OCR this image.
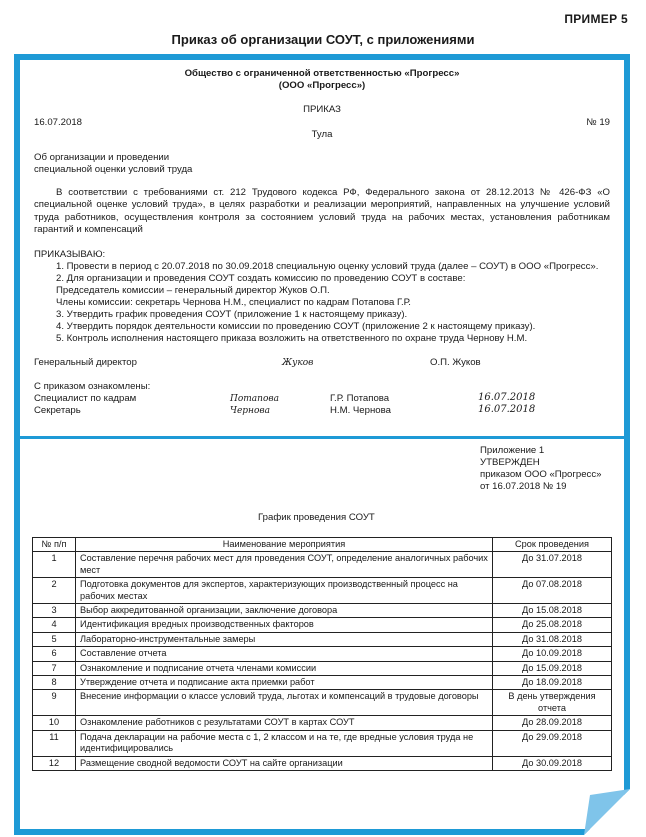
ПРИМЕР 5
Приказ об организации СОУТ, с приложениями
Общество с ограниченной ответственностью «Прогресс»
(ООО «Прогресс»)
ПРИКАЗ
16.07.2018	№ 19
Тула
Об организации и проведении
специальной оценки условий труда
В соответствии с требованиями ст. 212 Трудового кодекса РФ, Федерального закона от 28.12.2013 № 426-ФЗ «О специальной оценке условий труда», в целях разработки и реализации мероприятий, направленных на улучшение условий труда работников, осуществления контроля за состоянием условий труда на рабочих местах, установления работникам гарантий и компенсаций
ПРИКАЗЫВАЮ:
1. Провести в период с 20.07.2018 по 30.09.2018 специальную оценку условий труда (далее – СОУТ) в ООО «Прогресс».
2. Для организации и проведения СОУТ создать комиссию по проведению СОУТ в составе:
Председатель комиссии – генеральный директор Жуков О.П.
Члены комиссии: секретарь Чернова Н.М., специалист по кадрам Потапова Г.Р.
3. Утвердить график проведения СОУТ (приложение 1 к настоящему приказу).
4. Утвердить порядок деятельности комиссии по проведению СОУТ (приложение 2 к настоящему приказу).
5. Контроль исполнения настоящего приказа возложить на ответственного по охране труда Чернову Н.М.
Генеральный директор	Жуков	О.П. Жуков
С приказом ознакомлены:
Специалист по кадрам	Потапова	Г.Р. Потапова	16.07.2018
Секретарь	Чернова	Н.М. Чернова	16.07.2018
Приложение 1
УТВЕРЖДЕН
приказом ООО «Прогресс»
от 16.07.2018 № 19
График проведения СОУТ
№ п/п	Наименование мероприятия	Срок проведения
1	Составление перечня рабочих мест для проведения СОУТ, определение аналогичных рабочих мест	До 31.07.2018
2	Подготовка документов для экспертов, характеризующих производственный процесс на рабочих местах	До 07.08.2018
3	Выбор аккредитованной организации, заключение договора	До 15.08.2018
4	Идентификация вредных производственных факторов	До 25.08.2018
5	Лабораторно-инструментальные замеры	До 31.08.2018
6	Составление отчета	До 10.09.2018
7	Ознакомление и подписание отчета членами комиссии	До 15.09.2018
8	Утверждение отчета и подписание акта приемки работ	До 18.09.2018
9	Внесение информации о классе условий труда, льготах и компенсаций в трудовые договоры	В день утверждения отчета
10	Ознакомление работников с результатами СОУТ в картах СОУТ	До 28.09.2018
11	Подача декларации на рабочие места с 1, 2 классом и на те, где вредные условия труда не идентифицировались	До 29.09.2018
12	Размещение сводной ведомости СОУТ на сайте организации	До 30.09.2018
